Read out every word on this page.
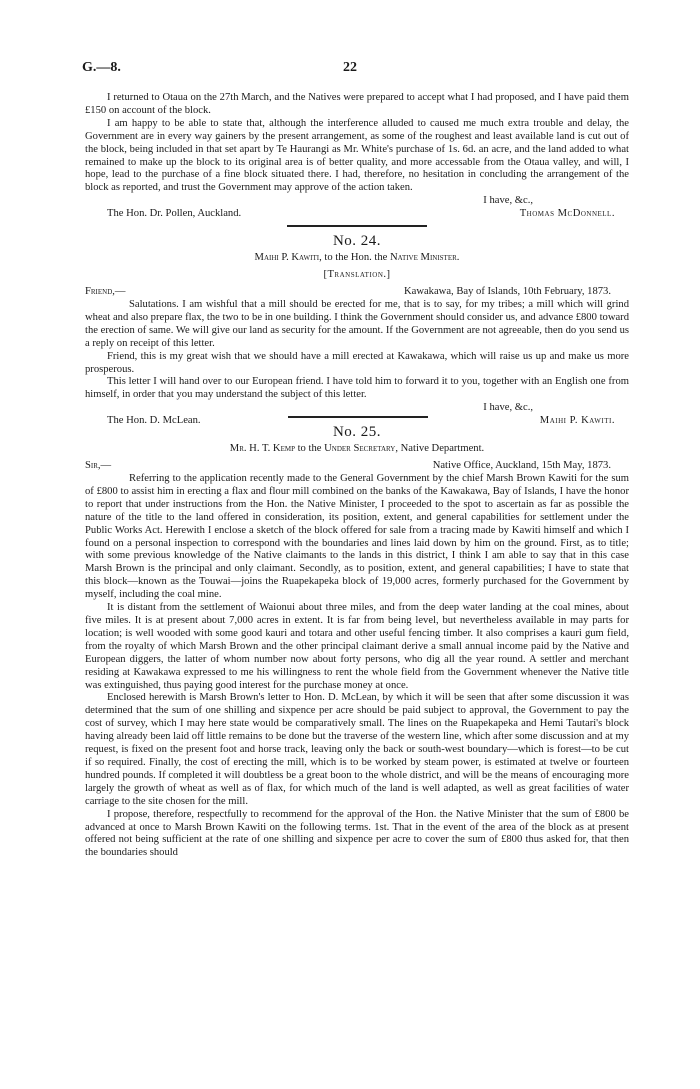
G.—8.	22

I returned to Otaua on the 27th March, and the Natives were prepared to accept what I had proposed, and I have paid them £150 on account of the block.

I am happy to be able to state that, although the interference alluded to caused me much extra trouble and delay, the Government are in every way gainers by the present arrangement, as some of the roughest and least available land is cut out of the block, being included in that set apart by Te Haurangi as Mr. White's purchase of 1s. 6d. an acre, and the land added to what remained to make up the block to its original area is of better quality, and more accessable from the Otaua valley, and will, I hope, lead to the purchase of a fine block situated there. I had, therefore, no hesitation in concluding the arrangement of the block as reported, and trust the Government may approve of the action taken.

I have, &c.,
The Hon. Dr. Pollen, Auckland.	Thomas McDonnell.
No. 24.
Maihi P. Kawiti, to the Hon. the Native Minister.
[Translation.]
Friend,—	Kawakawa, Bay of Islands, 10th February, 1873.

Salutations. I am wishful that a mill should be erected for me, that is to say, for my tribes; a mill which will grind wheat and also prepare flax, the two to be in one building. I think the Government should consider us, and advance £800 toward the erection of same. We will give our land as security for the amount. If the Government are not agreeable, then do you send us a reply on receipt of this letter.

Friend, this is my great wish that we should have a mill erected at Kawakawa, which will raise us up and make us more prosperous.

This letter I will hand over to our European friend. I have told him to forward it to you, together with an English one from himself, in order that you may understand the subject of this letter.

I have, &c.,
The Hon. D. McLean.	Maihi P. Kawiti.
No. 25.
Mr. H. T. Kemp to the Under Secretary, Native Department.
Sir,—	Native Office, Auckland, 15th May, 1873.

Referring to the application recently made to the General Government by the chief Marsh Brown Kawiti for the sum of £800 to assist him in erecting a flax and flour mill combined on the banks of the Kawakawa, Bay of Islands, I have the honor to report that under instructions from the Hon. the Native Minister, I proceeded to the spot to ascertain as far as possible the nature of the title to the land offered in consideration, its position, extent, and general capabilities for settlement under the Public Works Act. Herewith I enclose a sketch of the block offered for sale from a tracing made by Kawiti himself and which I found on a personal inspection to correspond with the boundaries and lines laid down by him on the ground. First, as to title; with some previous knowledge of the Native claimants to the lands in this district, I think I am able to say that in this case Marsh Brown is the principal and only claimant. Secondly, as to position, extent, and general capabilities; I have to state that this block—known as the Touwai—joins the Ruapekapeka block of 19,000 acres, formerly purchased for the Government by myself, including the coal mine.

It is distant from the settlement of Waionui about three miles, and from the deep water landing at the coal mines, about five miles. It is at present about 7,000 acres in extent. It is far from being level, but nevertheless available in may parts for location; is well wooded with some good kauri and totara and other useful fencing timber. It also comprises a kauri gum field, from the royalty of which Marsh Brown and the other principal claimant derive a small annual income paid by the Native and European diggers, the latter of whom number now about forty persons, who dig all the year round. A settler and merchant residing at Kawakawa expressed to me his willingness to rent the whole field from the Government whenever the Native title was extinguished, thus paying good interest for the purchase money at once.

Enclosed herewith is Marsh Brown's letter to Hon. D. McLean, by which it will be seen that after some discussion it was determined that the sum of one shilling and sixpence per acre should be paid subject to approval, the Government to pay the cost of survey, which I may here state would be comparatively small. The lines on the Ruapekapeka and Hemi Tautari's block having already been laid off little remains to be done but the traverse of the western line, which after some discussion and at my request, is fixed on the present foot and horse track, leaving only the back or south-west boundary—which is forest—to be cut if so required. Finally, the cost of erecting the mill, which is to be worked by steam power, is estimated at twelve or fourteen hundred pounds. If completed it will doubtless be a great boon to the whole district, and will be the means of encouraging more largely the growth of wheat as well as of flax, for which much of the land is well adapted, as well as great facilities of water carriage to the site chosen for the mill.

I propose, therefore, respectfully to recommend for the approval of the Hon. the Native Minister that the sum of £800 be advanced at once to Marsh Brown Kawiti on the following terms. 1st. That in the event of the area of the block as at present offered not being sufficient at the rate of one shilling and sixpence per acre to cover the sum of £800 thus asked for, that then the boundaries should
